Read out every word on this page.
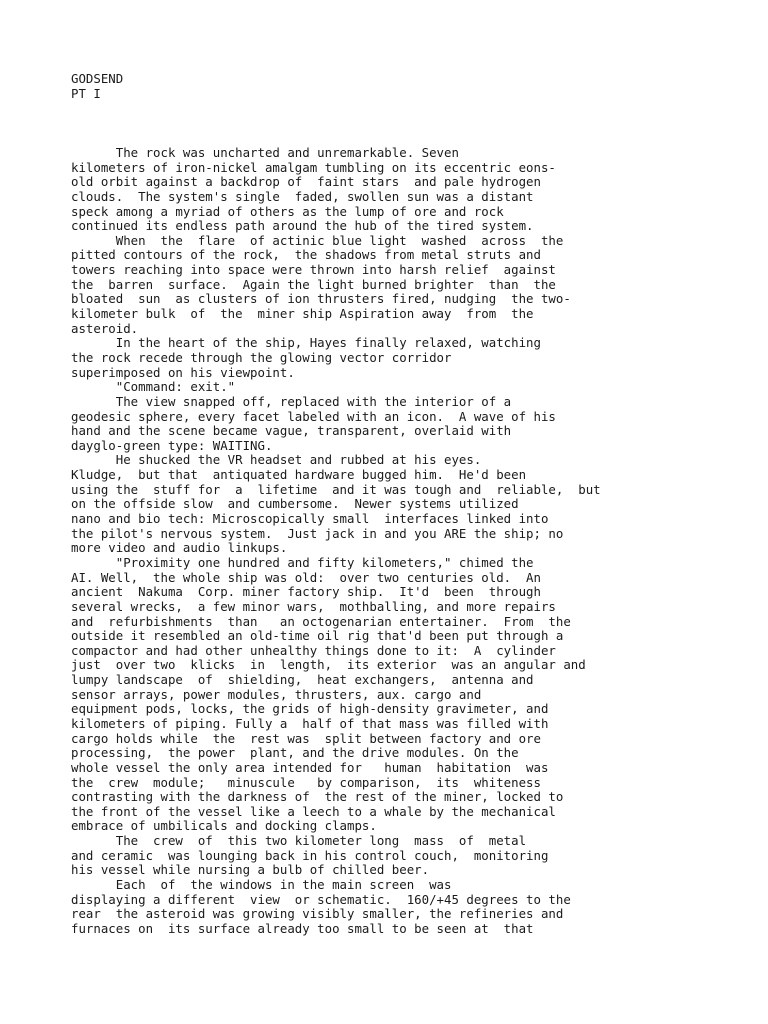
GODSEND
PT I
The rock was uncharted and unremarkable. Seven
kilometers of iron-nickel amalgam tumbling on its eccentric eons-
old orbit against a backdrop of  faint stars  and pale hydrogen
clouds.  The system's single  faded, swollen sun was a distant
speck among a myriad of others as the lump of ore and rock
continued its endless path around the hub of the tired system.
When  the  flare  of actinic blue light  washed  across  the
pitted contours of the rock,  the shadows from metal struts and
towers reaching into space were thrown into harsh relief  against
the  barren  surface.  Again the light burned brighter  than  the
bloated  sun  as clusters of ion thrusters fired, nudging  the two-
kilometer bulk  of  the  miner ship Aspiration away  from  the
asteroid.
In the heart of the ship, Hayes finally relaxed, watching
the rock recede through the glowing vector corridor
superimposed on his viewpoint.
"Command: exit."
The view snapped off, replaced with the interior of a
geodesic sphere, every facet labeled with an icon.  A wave of his
hand and the scene became vague, transparent, overlaid with
dayglo-green type: WAITING.
He shucked the VR headset and rubbed at his eyes.
Kludge,  but that  antiquated hardware bugged him.  He'd been
using the  stuff for  a  lifetime  and it was tough and  reliable,  but
on the offside slow  and cumbersome.  Newer systems utilized
nano and bio tech: Microscopically small  interfaces linked into
the pilot's nervous system.  Just jack in and you ARE the ship; no
more video and audio linkups.
"Proximity one hundred and fifty kilometers," chimed the
AI. Well,  the whole ship was old:  over two centuries old.  An
ancient  Nakuma  Corp. miner factory ship.  It'd  been  through
several wrecks,  a few minor wars,  mothballing, and more repairs
and  refurbishments  than   an octogenarian entertainer.  From  the
outside it resembled an old-time oil rig that'd been put through a
compactor and had other unhealthy things done to it:  A  cylinder
just  over two  klicks  in  length,  its exterior  was an angular and
lumpy landscape  of  shielding,  heat exchangers,  antenna and
sensor arrays, power modules, thrusters, aux. cargo and
equipment pods, locks, the grids of high-density gravimeter, and
kilometers of piping. Fully a  half of that mass was filled with
cargo holds while  the  rest was  split between factory and ore
processing,  the power  plant, and the drive modules. On the
whole vessel the only area intended for   human  habitation  was
the  crew  module;   minuscule   by comparison,  its  whiteness
contrasting with the darkness of  the rest of the miner, locked to
the front of the vessel like a leech to a whale by the mechanical
embrace of umbilicals and docking clamps.
The  crew  of  this two kilometer long  mass  of  metal
and ceramic  was lounging back in his control couch,  monitoring
his vessel while nursing a bulb of chilled beer.
Each  of  the windows in the main screen  was
displaying a different  view  or schematic.  160/+45 degrees to the
rear  the asteroid was growing visibly smaller, the refineries and
furnaces on  its surface already too small to be seen at  that
